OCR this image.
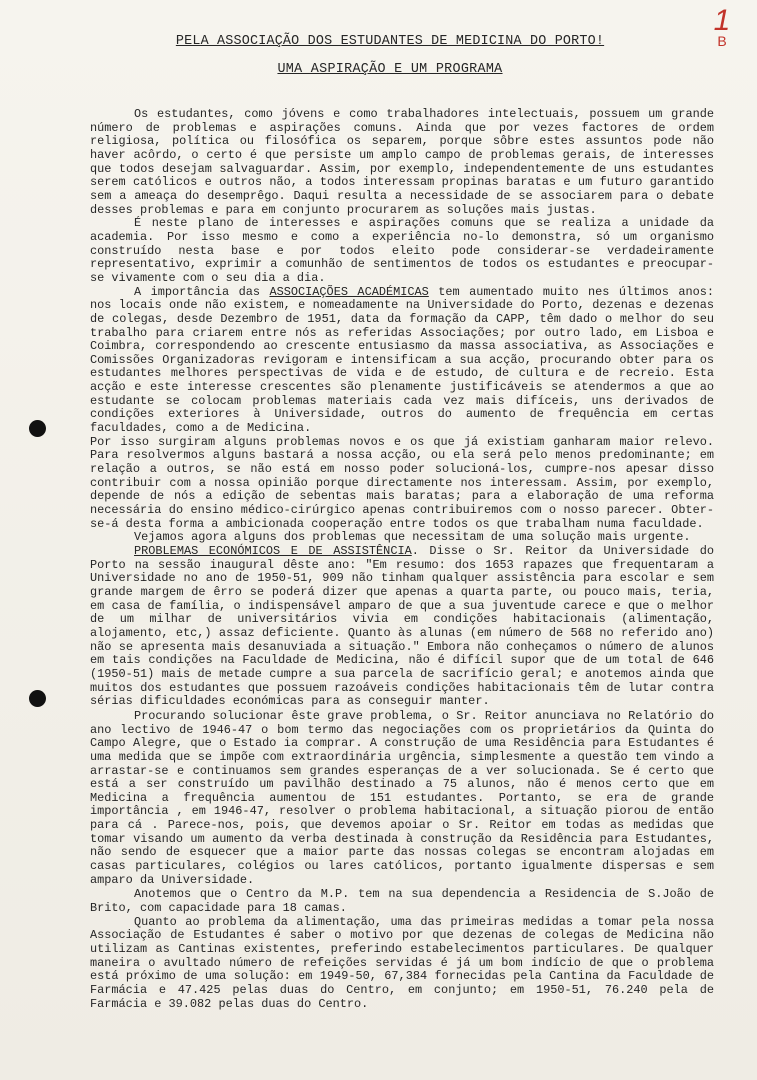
1
B
PELA ASSOCIAÇÃO DOS ESTUDANTES DE MEDICINA DO PORTO!
UMA ASPIRAÇÃO E UM PROGRAMA

Os estudantes, como jóvens e como trabalhadores intelectuais, possuem um grande número de problemas e aspirações comuns. Ainda que por vezes factores de ordem religiosa, política ou filosófica os separem, porque sôbre estes assuntos pode não haver acôrdo, o certo é que persiste um amplo campo de problemas gerais, de interesses que todos desejam salvaguardar. Assim, por exemplo, independentemente de uns estudantes serem católicos e outros não, a todos interessam propinas baratas e um futuro garantido sem a ameaça do desemprêgo. Daqui resulta a necessidade de se associarem para o debate desses problemas e para em conjunto procurarem as soluções mais justas.

É neste plano de interesses e aspirações comuns que se realiza a unidade da academia. Por isso mesmo e como a experiência no-lo demonstra, só um organismo construído nesta base e por todos eleito pode considerar-se verdadeiramente representativo, exprimir a comunhão de sentimentos de todos os estudantes e preocupar-se vivamente com o seu dia a dia.

A importância das ASSOCIAÇÕES ACADÉMICAS tem aumentado muito nes últimos anos: nos locais onde não existem, e nomeadamente na Universidade do Porto, dezenas e dezenas de colegas, desde Dezembro de 1951, data da formação da CAPP, têm dado o melhor do seu trabalho para criarem entre nós as referidas Associações; por outro lado, em Lisboa e Coimbra, correspondendo ao crescente entusiasmo da massa associativa, as Associações e Comissões Organizadoras revigoram e intensificam a sua acção, procurando obter para os estudantes melhores perspectivas de vida e de estudo, de cultura e de recreio. Esta acção e este interesse crescentes são plenamente justificáveis se atendermos a que ao estudante se colocam problemas materiais cada vez mais difíceis, uns derivados de condições exteriores à Universidade, outros do aumento de frequência em certas faculdades, como a de Medicina.

Por isso surgiram alguns problemas novos e os que já existiam ganharam maior relevo. Para resolvermos alguns bastará a nossa acção, ou ela será pelo menos predominante; em relação a outros, se não está em nosso poder solucioná-los, cumpre-nos apesar disso contribuir com a nossa opinião porque directamente nos interessam. Assim, por exemplo, depende de nós a edição de sebentas mais baratas; para a elaboração de uma reforma necessária do ensino médico-cirúrgico apenas contribuiremos com o nosso parecer. Obter-se-á desta forma a ambicionada cooperação entre todos os que trabalham numa faculdade.

Vejamos agora alguns dos problemas que necessitam de uma solução mais urgente.

PROBLEMAS ECONÓMICOS E DE ASSISTÊNCIA. Disse o Sr. Reitor da Universidade do Porto na sessão inaugural dêste ano: "Em resumo: dos 1653 rapazes que frequentaram a Universidade no ano de 1950-51, 909 não tinham qualquer assistência para escolar e sem grande margem de êrro se poderá dizer que apenas a quarta parte, ou pouco mais, teria, em casa de família, o indispensável amparo de que a sua juventude carece e que o melhor de um milhar de universitários vivia em condições habitacionais (alimentação, alojamento, etc,) assaz deficiente. Quanto às alunas (em número de 568 no referido ano) não se apresenta mais desanuviada a situação." Embora não conheçamos o número de alunos em tais condições na Faculdade de Medicina, não é difícil supor que de um total de 646 (1950-51) mais de metade cumpre a sua parcela de sacrifício geral; e anotemos ainda que muitos dos estudantes que possuem razoáveis condições habitacionais têm de lutar contra sérias dificuldades económicas para as conseguir manter.

Procurando solucionar êste grave problema, o Sr. Reitor anunciava no Relatório do ano lectivo de 1946-47 o bom termo das negociações com os proprietários da Quinta do Campo Alegre, que o Estado ia comprar. A construção de uma Residência para Estudantes é uma medida que se impõe com extraordinária urgência, simplesmente a questão tem vindo a arrastar-se e continuamos sem grandes esperanças de a ver solucionada. Se é certo que está a ser construído um pavilhão destinado a 75 alunos, não é menos certo que em Medicina a frequência aumentou de 151 estudantes. Portanto, se era de grande importância , em 1946-47, resolver o problema habitacional, a situação piorou de então para cá . Parece-nos, pois, que devemos apoiar o Sr. Reitor em todas as medidas que tomar visando um aumento da verba destinada à construção da Residência para Estudantes, não sendo de esquecer que a maior parte das nossas colegas se encontram alojadas em casas particulares, colégios ou lares católicos, portanto igualmente dispersas e sem amparo da Universidade.

Anotemos que o Centro da M.P. tem na sua dependencia a Residencia de S.João de Brito, com capacidade para 18 camas.

Quanto ao problema da alimentação, uma das primeiras medidas a tomar pela nossa Associação de Estudantes é saber o motivo por que dezenas de colegas de Medicina não utilizam as Cantinas existentes, preferindo estabelecimentos particulares. De qualquer maneira o avultado número de refeições servidas é já um bom indício de que o problema está próximo de uma solução: em 1949-50, 67,384 fornecidas pela Cantina da Faculdade de Farmácia e 47.425 pelas duas do Centro, em conjunto; em 1950-51, 76.240 pela de Farmácia e 39.082 pelas duas do Centro.
